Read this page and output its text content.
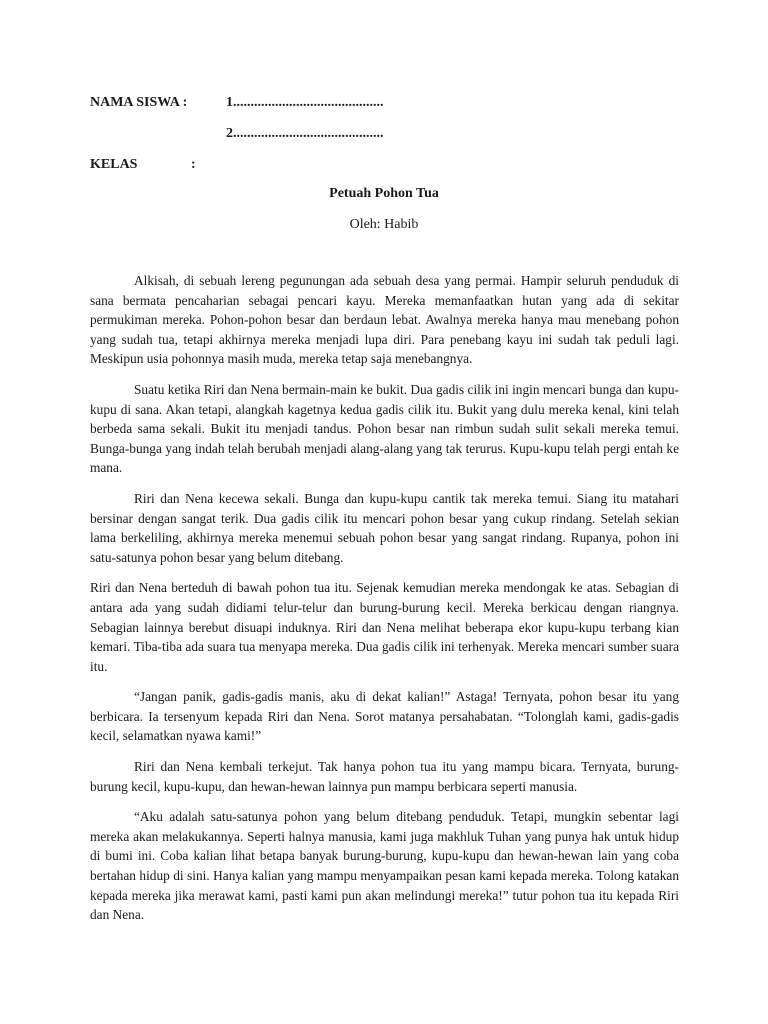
NAMA SISWA :	1...........................................
2...........................................
KELAS	:
Petuah Pohon Tua
Oleh: Habib

Alkisah, di sebuah lereng pegunungan ada sebuah desa yang permai. Hampir seluruh penduduk di sana bermata pencaharian sebagai pencari kayu. Mereka memanfaatkan hutan yang ada di sekitar permukiman mereka. Pohon-pohon besar dan berdaun lebat. Awalnya mereka hanya mau menebang pohon yang sudah tua, tetapi akhirnya mereka menjadi lupa diri. Para penebang kayu ini sudah tak peduli lagi. Meskipun usia pohonnya masih muda, mereka tetap saja menebangnya.

Suatu ketika Riri dan Nena bermain-main ke bukit. Dua gadis cilik ini ingin mencari bunga dan kupu-kupu di sana. Akan tetapi, alangkah kagetnya kedua gadis cilik itu. Bukit yang dulu mereka kenal, kini telah berbeda sama sekali. Bukit itu menjadi tandus. Pohon besar nan rimbun sudah sulit sekali mereka temui. Bunga-bunga yang indah telah berubah menjadi alang-alang yang tak terurus. Kupu-kupu telah pergi entah ke mana.

Riri dan Nena kecewa sekali. Bunga dan kupu-kupu cantik tak mereka temui. Siang itu matahari bersinar dengan sangat terik. Dua gadis cilik itu mencari pohon besar yang cukup rindang. Setelah sekian lama berkeliling, akhirnya mereka menemui sebuah pohon besar yang sangat rindang. Rupanya, pohon ini satu-satunya pohon besar yang belum ditebang.

Riri dan Nena berteduh di bawah pohon tua itu. Sejenak kemudian mereka mendongak ke atas. Sebagian di antara ada yang sudah didiami telur-telur dan burung-burung kecil. Mereka berkicau dengan riangnya. Sebagian lainnya berebut disuapi induknya. Riri dan Nena melihat beberapa ekor kupu-kupu terbang kian kemari. Tiba-tiba ada suara tua menyapa mereka. Dua gadis cilik ini terhenyak. Mereka mencari sumber suara itu.

“Jangan panik, gadis-gadis manis, aku di dekat kalian!” Astaga! Ternyata, pohon besar itu yang berbicara. Ia tersenyum kepada Riri dan Nena. Sorot matanya persahabatan. “Tolonglah kami, gadis-gadis kecil, selamatkan nyawa kami!”

Riri dan Nena kembali terkejut. Tak hanya pohon tua itu yang mampu bicara. Ternyata, burung-burung kecil, kupu-kupu, dan hewan-hewan lainnya pun mampu berbicara seperti manusia.

“Aku adalah satu-satunya pohon yang belum ditebang penduduk. Tetapi, mungkin sebentar lagi mereka akan melakukannya. Seperti halnya manusia, kami juga makhluk Tuhan yang punya hak untuk hidup di bumi ini. Coba kalian lihat betapa banyak burung-burung, kupu-kupu dan hewan-hewan lain yang coba bertahan hidup di sini. Hanya kalian yang mampu menyampaikan pesan kami kepada mereka. Tolong katakan kepada mereka jika merawat kami, pasti kami pun akan melindungi mereka!” tutur pohon tua itu kepada Riri dan Nena.
